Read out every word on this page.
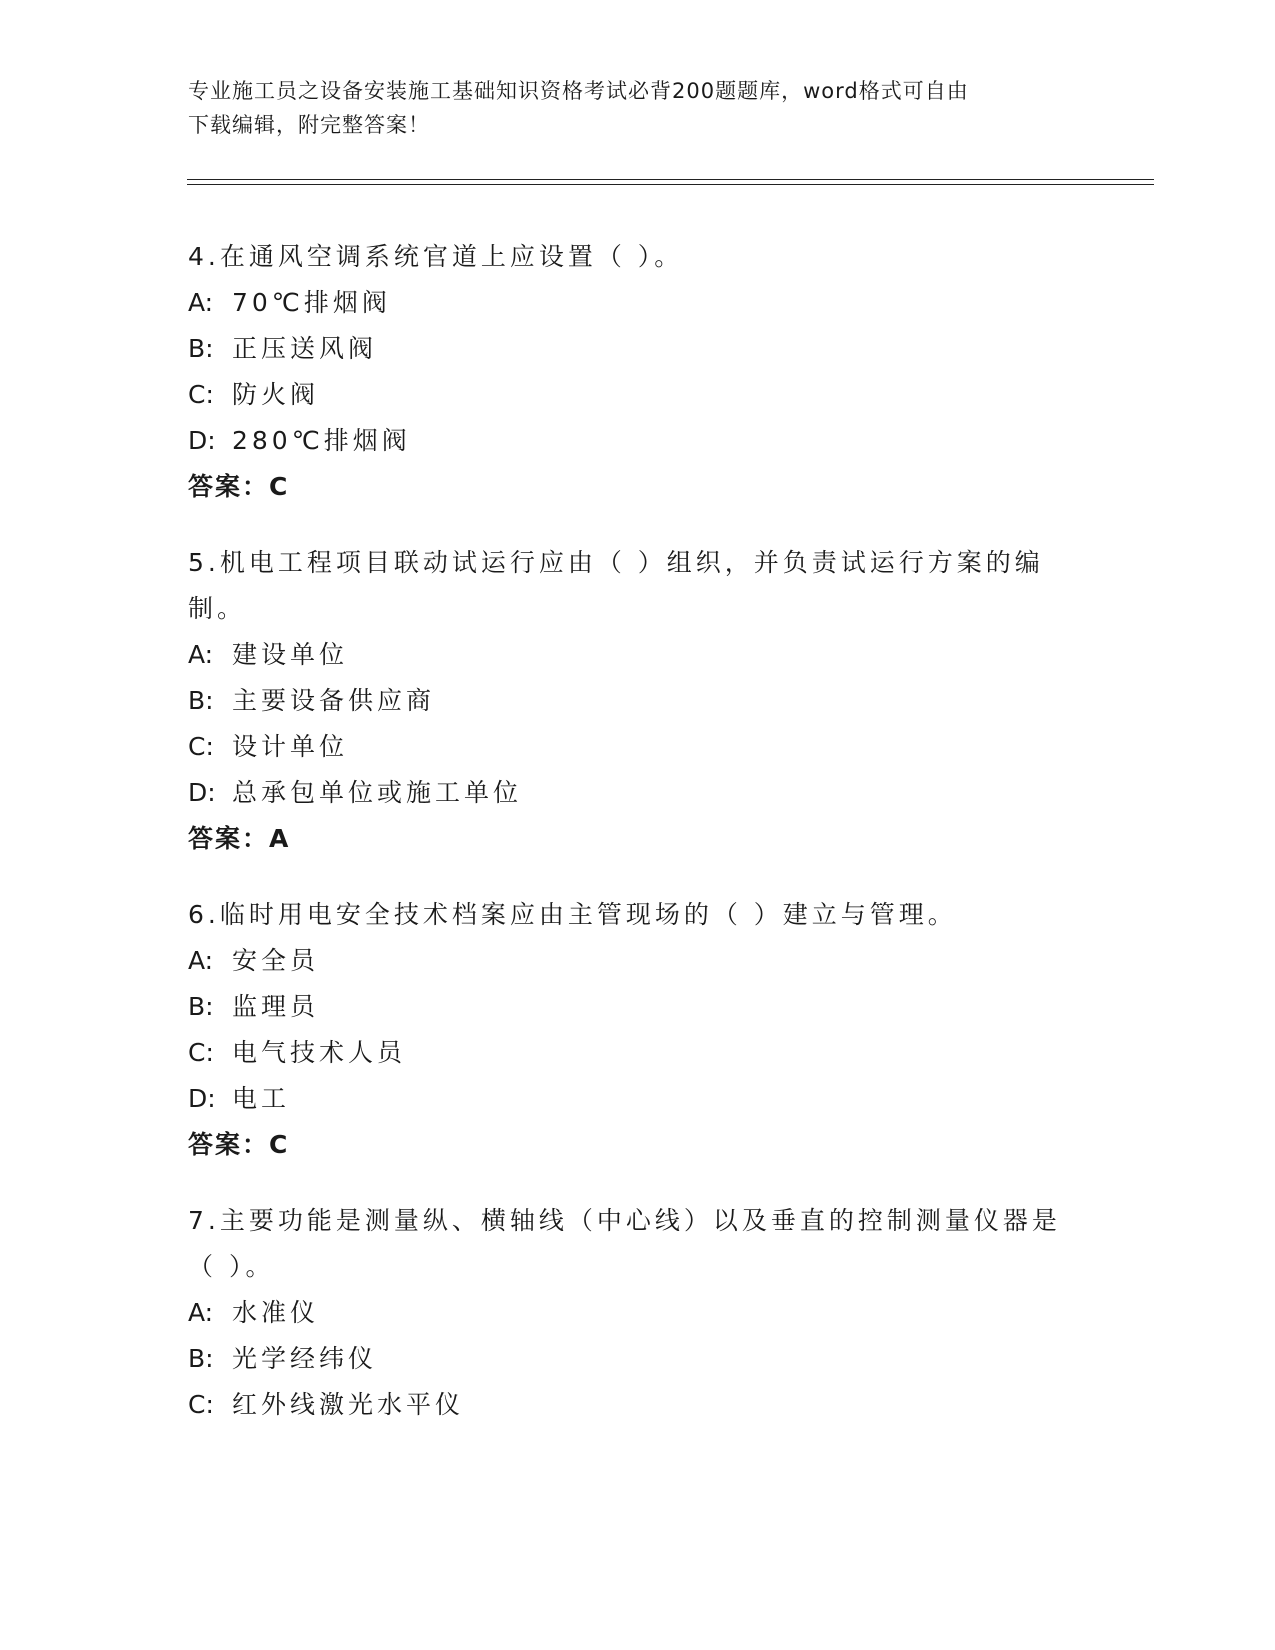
专业施工员之设备安装施工基础知识资格考试必背200题题库，word格式可自由
下载编辑，附完整答案！

4.在通风空调系统官道上应设置（ ）。

A: 70℃排烟阀

B: 正压送风阀

C: 防火阀

D: 280℃排烟阀

答案：C

5.机电工程项目联动试运行应由（ ）组织，并负责试运行方案的编制。

A: 建设单位

B: 主要设备供应商

C: 设计单位

D: 总承包单位或施工单位

答案：A

6.临时用电安全技术档案应由主管现场的（ ）建立与管理。

A: 安全员

B: 监理员

C: 电气技术人员

D: 电工

答案：C

7.主要功能是测量纵、横轴线（中心线）以及垂直的控制测量仪器是（ ）。

A: 水准仪

B: 光学经纬仪

C: 红外线激光水平仪
